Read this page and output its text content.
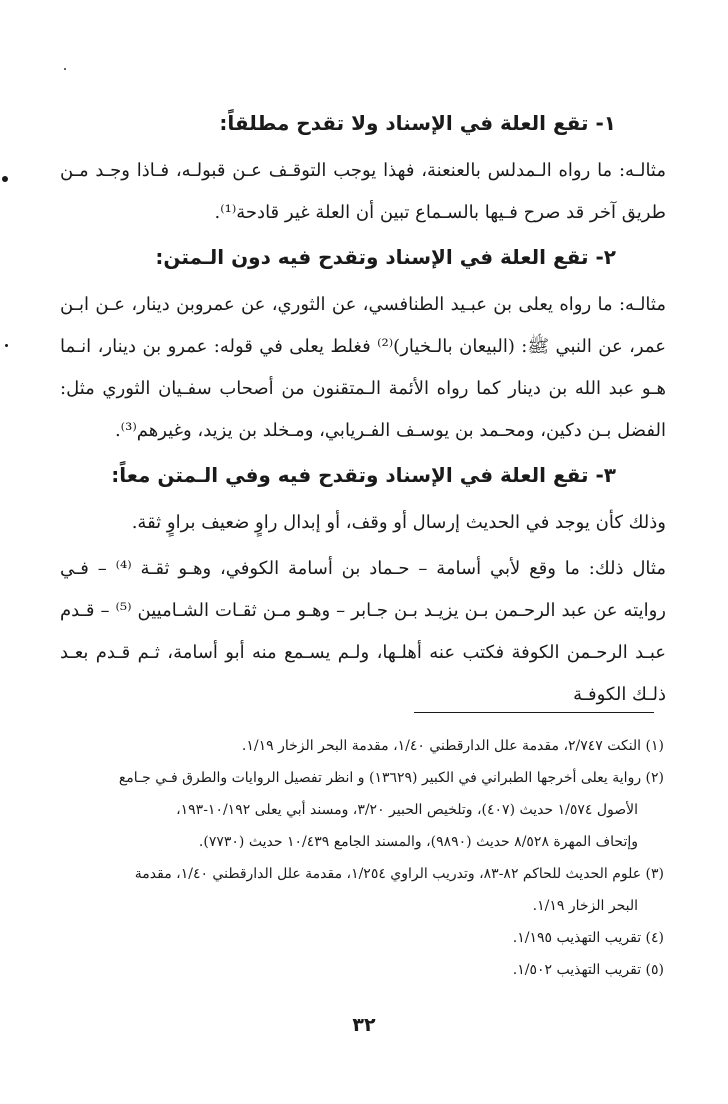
١- تقع العلة في الإسناد ولا تقدح مطلقاً:

مثالـه: ما رواه الـمدلس بالعنعنة، فهذا يوجب التوقـف عـن قبولـه، فـاذا وجـد مـن طريق آخر قد صرح فـيها بالسـماع تبين أن العلة غير قادحة⁽¹⁾.

٢- تقع العلة في الإسناد وتقدح فيه دون الـمتن:

مثالـه: ما رواه يعلى بن عبـيد الطنافسي، عن الثوري، عن عمروبن دينار، عـن ابـن عمر، عن النبي ﷺ: (البيعان بالـخيار)⁽²⁾ فغلط يعلى في قوله: عمرو بن دينار، انـما هـو عبد الله بن دينار كما رواه الأئمة الـمتقنون من أصحاب سفـيان الثوري مثل: الفضل بـن دكين، ومحـمد بن يوسـف الفـريابي، ومـخلد بن يزيد، وغيرهم⁽³⁾.

٣- تقع العلة في الإسناد وتقدح فيه وفي الـمتن معاً:

وذلك كأن يوجد في الحديث إرسال أو وقف، أو إبدال راوٍ ضعيف براوٍ ثقة.

مثال ذلك: ما وقع لأبي أسامة – حـماد بن أسامة الكوفي، وهـو ثقـة ⁽⁴⁾ – فـي روايته عن عبد الرحـمن بـن يزيـد بـن جـابر – وهـو مـن ثقـات الشـاميين ⁽⁵⁾ – قـدم عبـد الرحـمن الكوفة فكتب عنه أهلـها، ولـم يسـمع منه أبو أسامة، ثـم قـدم بعـد ذلـك الكوفـة

(١) النكت ٢/٧٤٧، مقدمة علل الدارقطني ١/٤٠، مقدمة البحر الزخار ١/١٩.
(٢) رواية يعلى أخرجها الطبراني في الكبير (١٣٦٢٩) و انظر تفصيل الروايات والطرق فـي جـامع
الأصول ١/٥٧٤ حديث (٤٠٧)، وتلخيص الحبير ٣/٢٠، ومسند أبي يعلى ١٠/١٩٢-١٩٣،
وإتحاف المهرة ٨/٥٢٨ حديث (٩٨٩٠)، والمسند الجامع ١٠/٤٣٩ حديث (٧٧٣٠).
(٣) علوم الحديث للحاكم ٨٢-٨٣، وتدريب الراوي ١/٢٥٤، مقدمة علل الدارقطني ١/٤٠، مقدمة
البحر الزخار ١/١٩.
(٤) تقريب التهذيب ١/١٩٥.
(٥) تقريب التهذيب ١/٥٠٢.
٣٢
